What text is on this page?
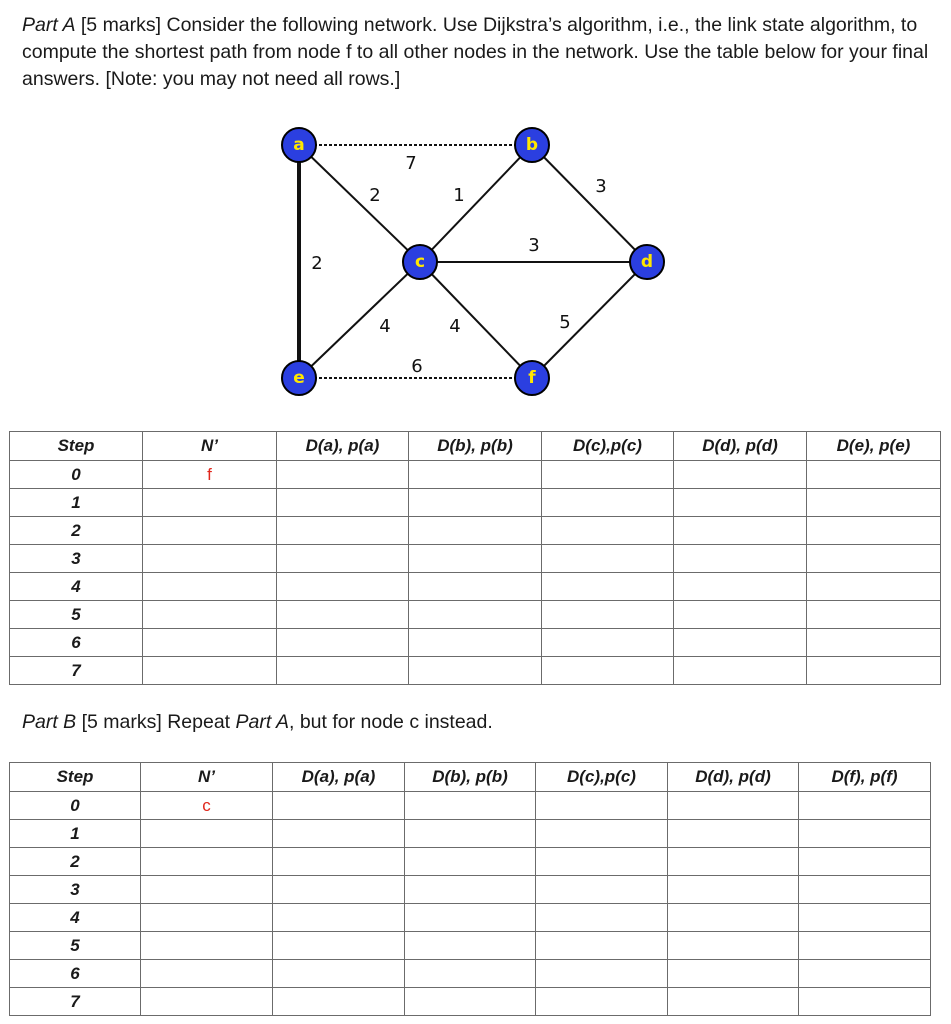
Part A [5 marks] Consider the following network. Use Dijkstra’s algorithm, i.e., the link state algorithm, to compute the shortest path from node f to all other nodes in the network. Use the table below for your final answers. [Note: you may not need all rows.]

7
2	1	3
2
3
4	4	5
6
a	b
c	d
e	f
Step	N’	D(a), p(a)	D(b), p(b)	D(c),p(c)	D(d), p(d)	D(e), p(e)
0	f					
1						
2						
3						
4						
5						
6						
7						

Part B [5 marks] Repeat Part A, but for node c instead.

Step	N’	D(a), p(a)	D(b), p(b)	D(c),p(c)	D(d), p(d)	D(f), p(f)
0	c					
1						
2						
3						
4						
5						
6						
7						
